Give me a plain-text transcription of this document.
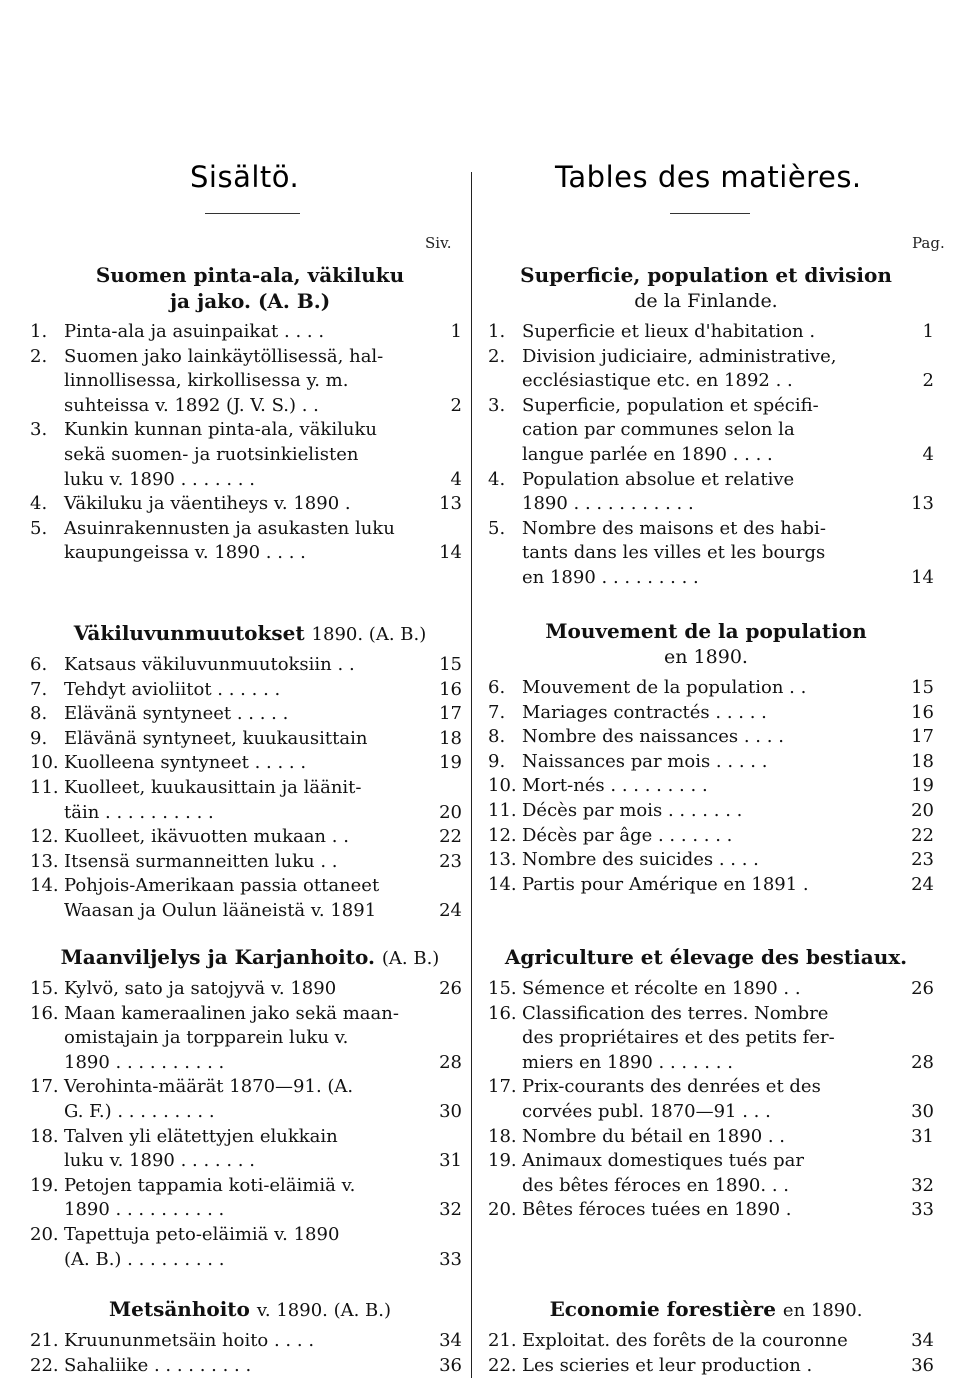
Sisältö.	Tables des matières.
Siv.	Pag.
Suomen pinta-ala, väkiluku
ja jako. (A. B.)
1. Pinta-ala ja asuinpaikat . . . .	1
2. Suomen jako lainkäytöllisessä, hal-
linnollisessa, kirkollisessa y. m.
suhteissa v. 1892 (J. V. S.) . .	2
3. Kunkin kunnan pinta-ala, väkiluku
sekä suomen- ja ruotsinkielisten
luku v. 1890 . . . . . . .	4
4. Väkiluku ja väentiheys v. 1890 .	13
5. Asuinrakennusten ja asukasten luku
kaupungeissa v. 1890 . . . .	14
Väkiluvunmuutokset 1890. (A. B.)
6. Katsaus väkiluvunmuutoksiin . .	15
7. Tehdyt avioliitot . . . . . .	16
8. Elävänä syntyneet . . . . .	17
9. Elävänä syntyneet, kuukausittain	18
10. Kuolleena syntyneet . . . . .	19
11. Kuolleet, kuukausittain ja läänit-
täin . . . . . . . . . .	20
12. Kuolleet, ikävuotten mukaan . .	22
13. Itsensä surmanneitten luku . .	23
14. Pohjois-Amerikaan passia ottaneet
Waasan ja Oulun lääneistä v. 1891	24
Maanviljelys ja Karjanhoito. (A. B.)
15. Kylvö, sato ja satojyvä v. 1890	26
16. Maan kameraalinen jako sekä maan-
omistajain ja torpparein luku v.
1890 . . . . . . . . . .	28
17. Verohinta-määrät 1870—91. (A.
G. F.) . . . . . . . . .	30
18. Talven yli elätettyjen elukkain
luku v. 1890 . . . . . . .	31
19. Petojen tappamia koti-eläimiä v.
1890 . . . . . . . . . .	32
20. Tapettuja peto-eläimiä v. 1890
(A. B.) . . . . . . . . .	33
Metsänhoito v. 1890. (A. B.)
21. Kruununmetsäin hoito . . . .	34
22. Sahaliike . . . . . . . . .	36
Superficie, population et division
de la Finlande.
1. Superficie et lieux d'habitation .	1
2. Division judiciaire, administrative,
ecclésiastique etc. en 1892 . .	2
3. Superficie, population et spécifi-
cation par communes selon la
langue parlée en 1890 . . . .	4
4. Population absolue et relative
1890 . . . . . . . . . . .	13
5. Nombre des maisons et des habi-
tants dans les villes et les bourgs
en 1890 . . . . . . . . .	14
Mouvement de la population
en 1890.
6. Mouvement de la population . .	15
7. Mariages contractés . . . . .	16
8. Nombre des naissances . . . .	17
9. Naissances par mois . . . . .	18
10. Mort-nés . . . . . . . . .	19
11. Décès par mois . . . . . . .	20
12. Décès par âge . . . . . . .	22
13. Nombre des suicides . . . .	23
14. Partis pour Amérique en 1891 .	24
Agriculture et élevage des bestiaux.
15. Sémence et récolte en 1890 . .	26
16. Classification des terres. Nombre
des propriétaires et des petits fer-
miers en 1890 . . . . . . .	28
17. Prix-courants des denrées et des
corvées publ. 1870—91 . . .	30
18. Nombre du bétail en 1890 . .	31
19. Animaux domestiques tués par
des bêtes féroces en 1890. . .	32
20. Bêtes féroces tuées en 1890 .	33
Economie forestière en 1890.
21. Exploitat. des forêts de la couronne	34
22. Les scieries et leur production .	36
